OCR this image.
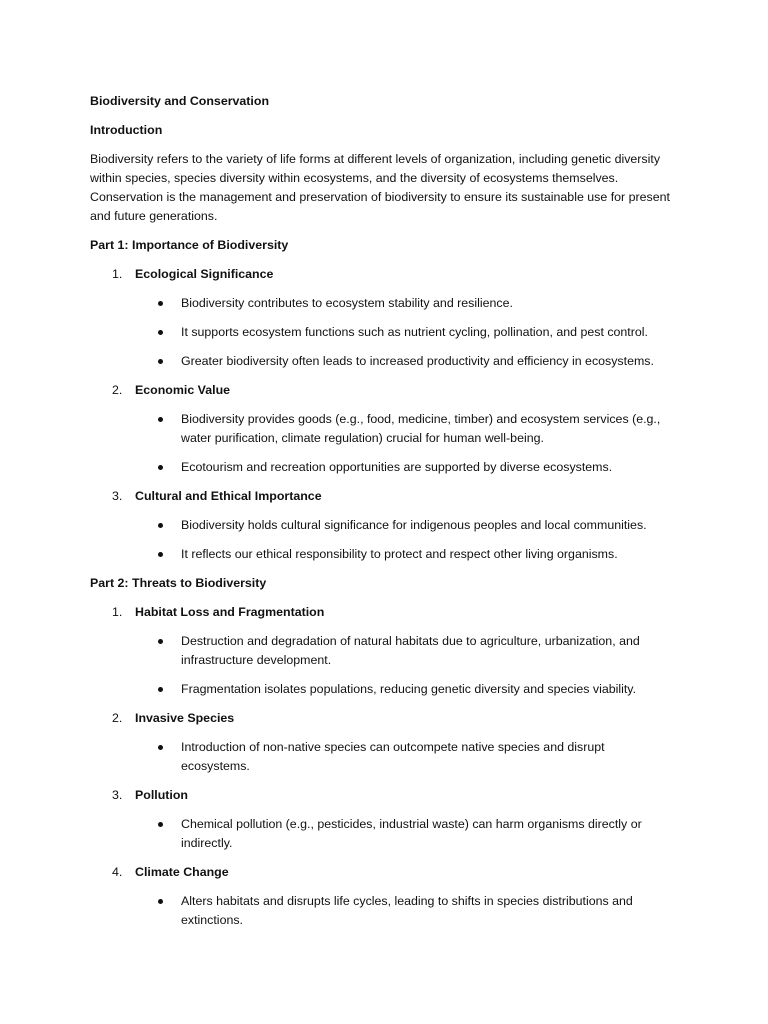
Biodiversity and Conservation
Introduction
Biodiversity refers to the variety of life forms at different levels of organization, including genetic diversity within species, species diversity within ecosystems, and the diversity of ecosystems themselves. Conservation is the management and preservation of biodiversity to ensure its sustainable use for present and future generations.
Part 1: Importance of Biodiversity
1. Ecological Significance
Biodiversity contributes to ecosystem stability and resilience.
It supports ecosystem functions such as nutrient cycling, pollination, and pest control.
Greater biodiversity often leads to increased productivity and efficiency in ecosystems.
2. Economic Value
Biodiversity provides goods (e.g., food, medicine, timber) and ecosystem services (e.g., water purification, climate regulation) crucial for human well-being.
Ecotourism and recreation opportunities are supported by diverse ecosystems.
3. Cultural and Ethical Importance
Biodiversity holds cultural significance for indigenous peoples and local communities.
It reflects our ethical responsibility to protect and respect other living organisms.
Part 2: Threats to Biodiversity
1. Habitat Loss and Fragmentation
Destruction and degradation of natural habitats due to agriculture, urbanization, and infrastructure development.
Fragmentation isolates populations, reducing genetic diversity and species viability.
2. Invasive Species
Introduction of non-native species can outcompete native species and disrupt ecosystems.
3. Pollution
Chemical pollution (e.g., pesticides, industrial waste) can harm organisms directly or indirectly.
4. Climate Change
Alters habitats and disrupts life cycles, leading to shifts in species distributions and extinctions.
